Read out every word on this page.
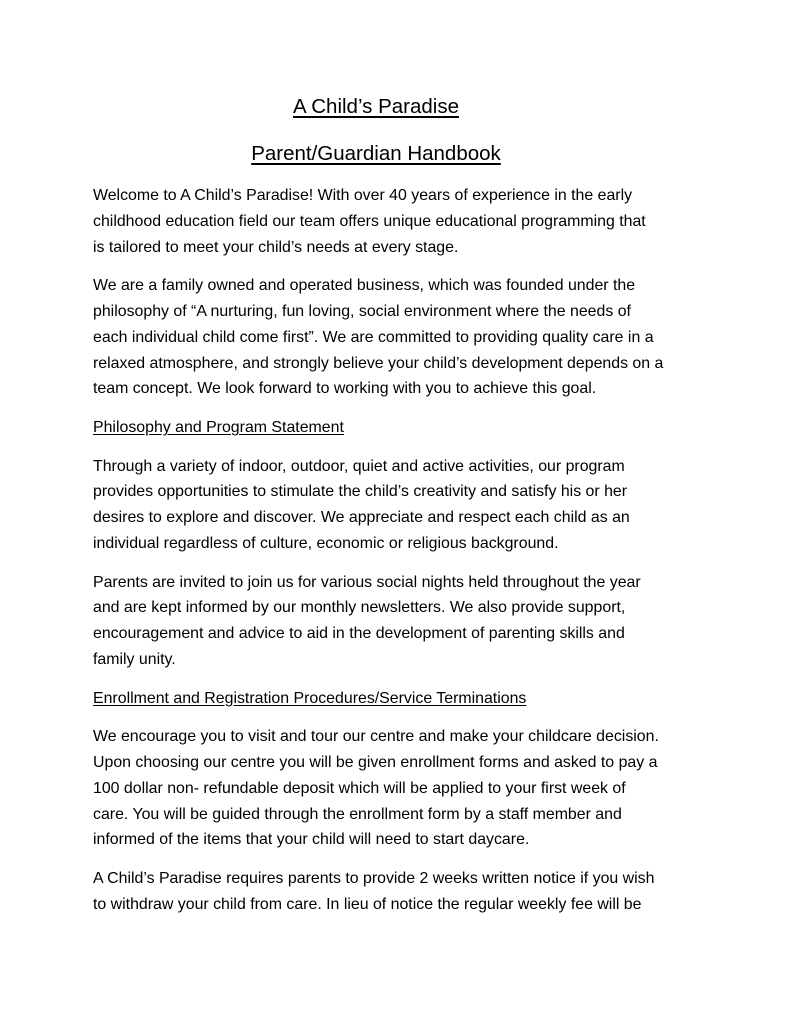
A Child’s Paradise
Parent/Guardian Handbook

Welcome to A Child’s Paradise! With over 40 years of experience in the early
childhood education field our team offers unique educational programming that
is tailored to meet your child’s needs at every stage.

We are a family owned and operated business, which was founded under the
philosophy of “A nurturing, fun loving, social environment where the needs of
each individual child come first”. We are committed to providing quality care in a
relaxed atmosphere, and strongly believe your child’s development depends on a
team concept. We look forward to working with you to achieve this goal.

Philosophy and Program Statement

Through a variety of indoor, outdoor, quiet and active activities, our program
provides opportunities to stimulate the child’s creativity and satisfy his or her
desires to explore and discover. We appreciate and respect each child as an
individual regardless of culture, economic or religious background.

Parents are invited to join us for various social nights held throughout the year
and are kept informed by our monthly newsletters. We also provide support,
encouragement and advice to aid in the development of parenting skills and
family unity.

Enrollment and Registration Procedures/Service Terminations

We encourage you to visit and tour our centre and make your childcare decision.
Upon choosing our centre you will be given enrollment forms and asked to pay a
100 dollar non- refundable deposit which will be applied to your first week of
care. You will be guided through the enrollment form by a staff member and
informed of the items that your child will need to start daycare.

A Child’s Paradise requires parents to provide 2 weeks written notice if you wish
to withdraw your child from care. In lieu of notice the regular weekly fee will be
